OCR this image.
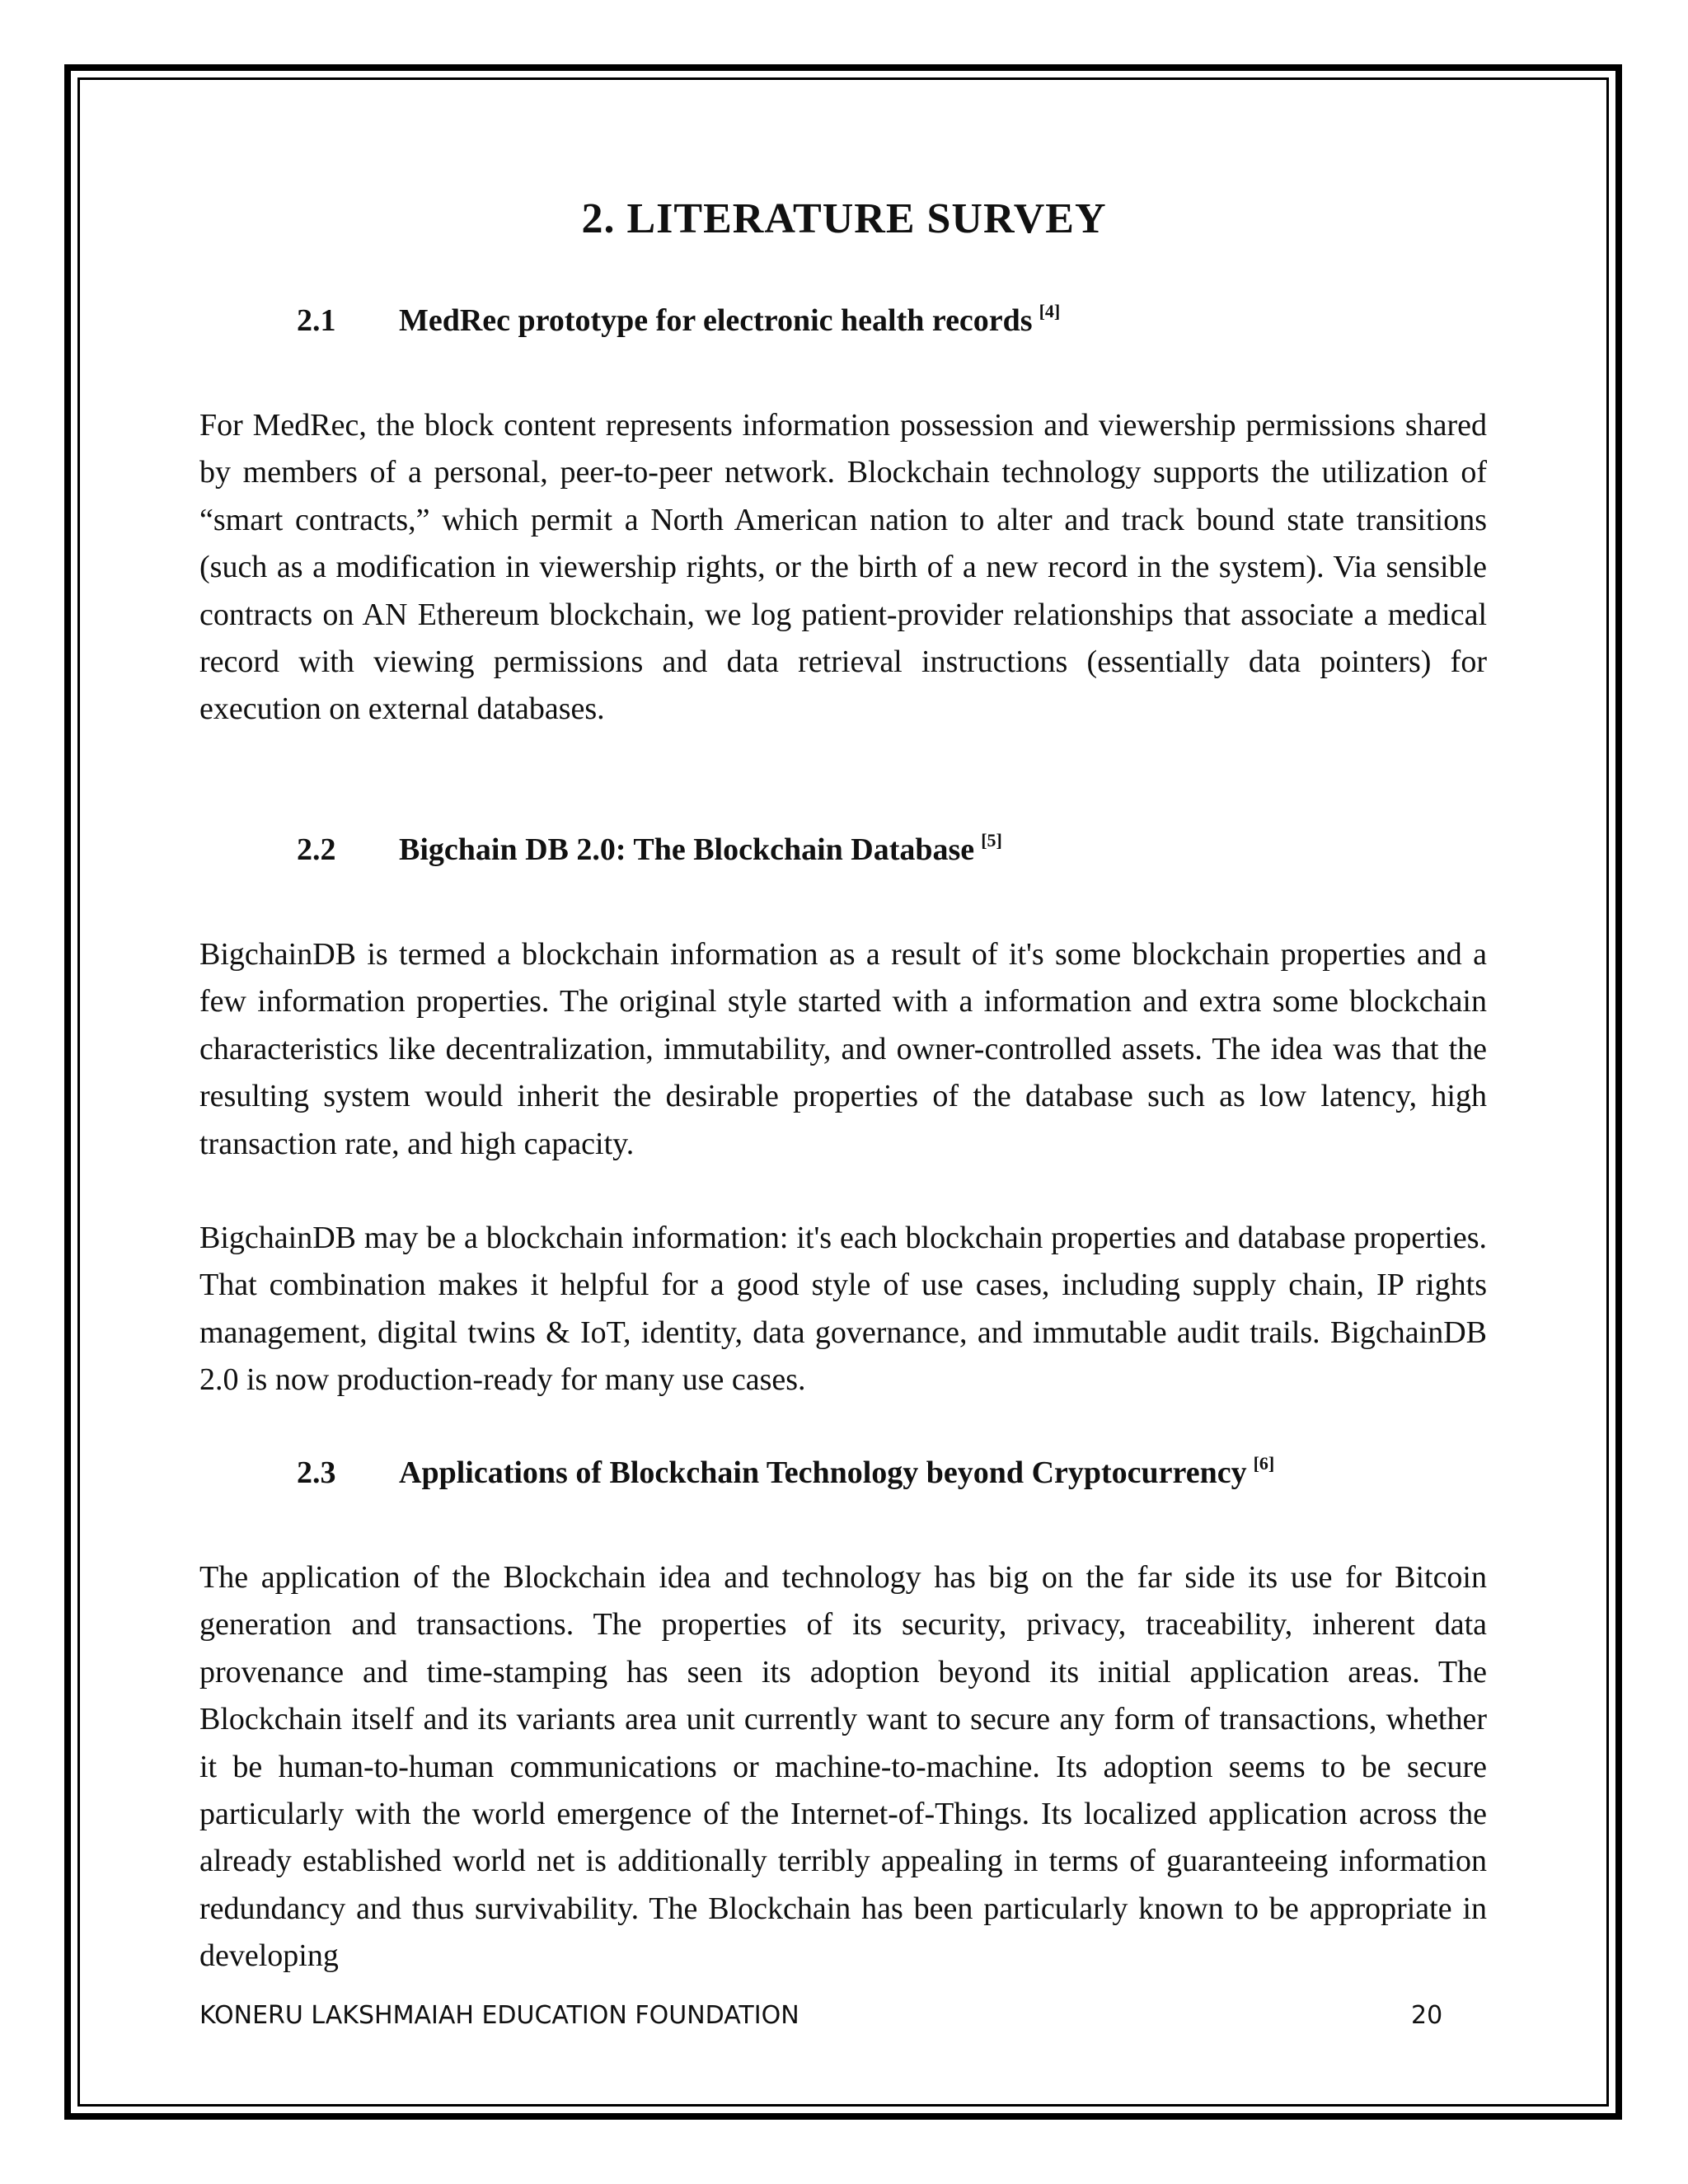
2. LITERATURE SURVEY
2.1 MedRec prototype for electronic health records [4]

For MedRec, the block content represents information possession and viewership permissions shared by members of a personal, peer-to-peer network. Blockchain technology supports the utilization of “smart contracts,” which permit a North American nation to alter and track bound state transitions (such as a modification in viewership rights, or the birth of a new record in the system). Via sensible contracts on AN Ethereum blockchain, we log patient-provider relationships that associate a medical record with viewing permissions and data retrieval instructions (essentially data pointers) for execution on external databases.

2.2 Bigchain DB 2.0: The Blockchain Database [5]

BigchainDB is termed a blockchain information as a result of it's some blockchain properties and a few information properties. The original style started with a information and extra some blockchain characteristics like decentralization, immutability, and owner-controlled assets. The idea was that the resulting system would inherit the desirable properties of the database such as low latency, high transaction rate, and high capacity.

BigchainDB may be a blockchain information: it's each blockchain properties and database properties. That combination makes it helpful for a good style of use cases, including supply chain, IP rights management, digital twins & IoT, identity, data governance, and immutable audit trails. BigchainDB 2.0 is now production-ready for many use cases.

2.3 Applications of Blockchain Technology beyond Cryptocurrency [6]

The application of the Blockchain idea and technology has big on the far side its use for Bitcoin generation and transactions. The properties of its security, privacy, traceability, inherent data provenance and time-stamping has seen its adoption beyond its initial application areas. The Blockchain itself and its variants area unit currently want to secure any form of transactions, whether it be human-to-human communications or machine-to-machine. Its adoption seems to be secure particularly with the world emergence of the Internet-of-Things. Its localized application across the already established world net is additionally terribly appealing in terms of guaranteeing information redundancy and thus survivability. The Blockchain has been particularly known to be appropriate in developing

KONERU LAKSHMAIAH EDUCATION FOUNDATION	20
